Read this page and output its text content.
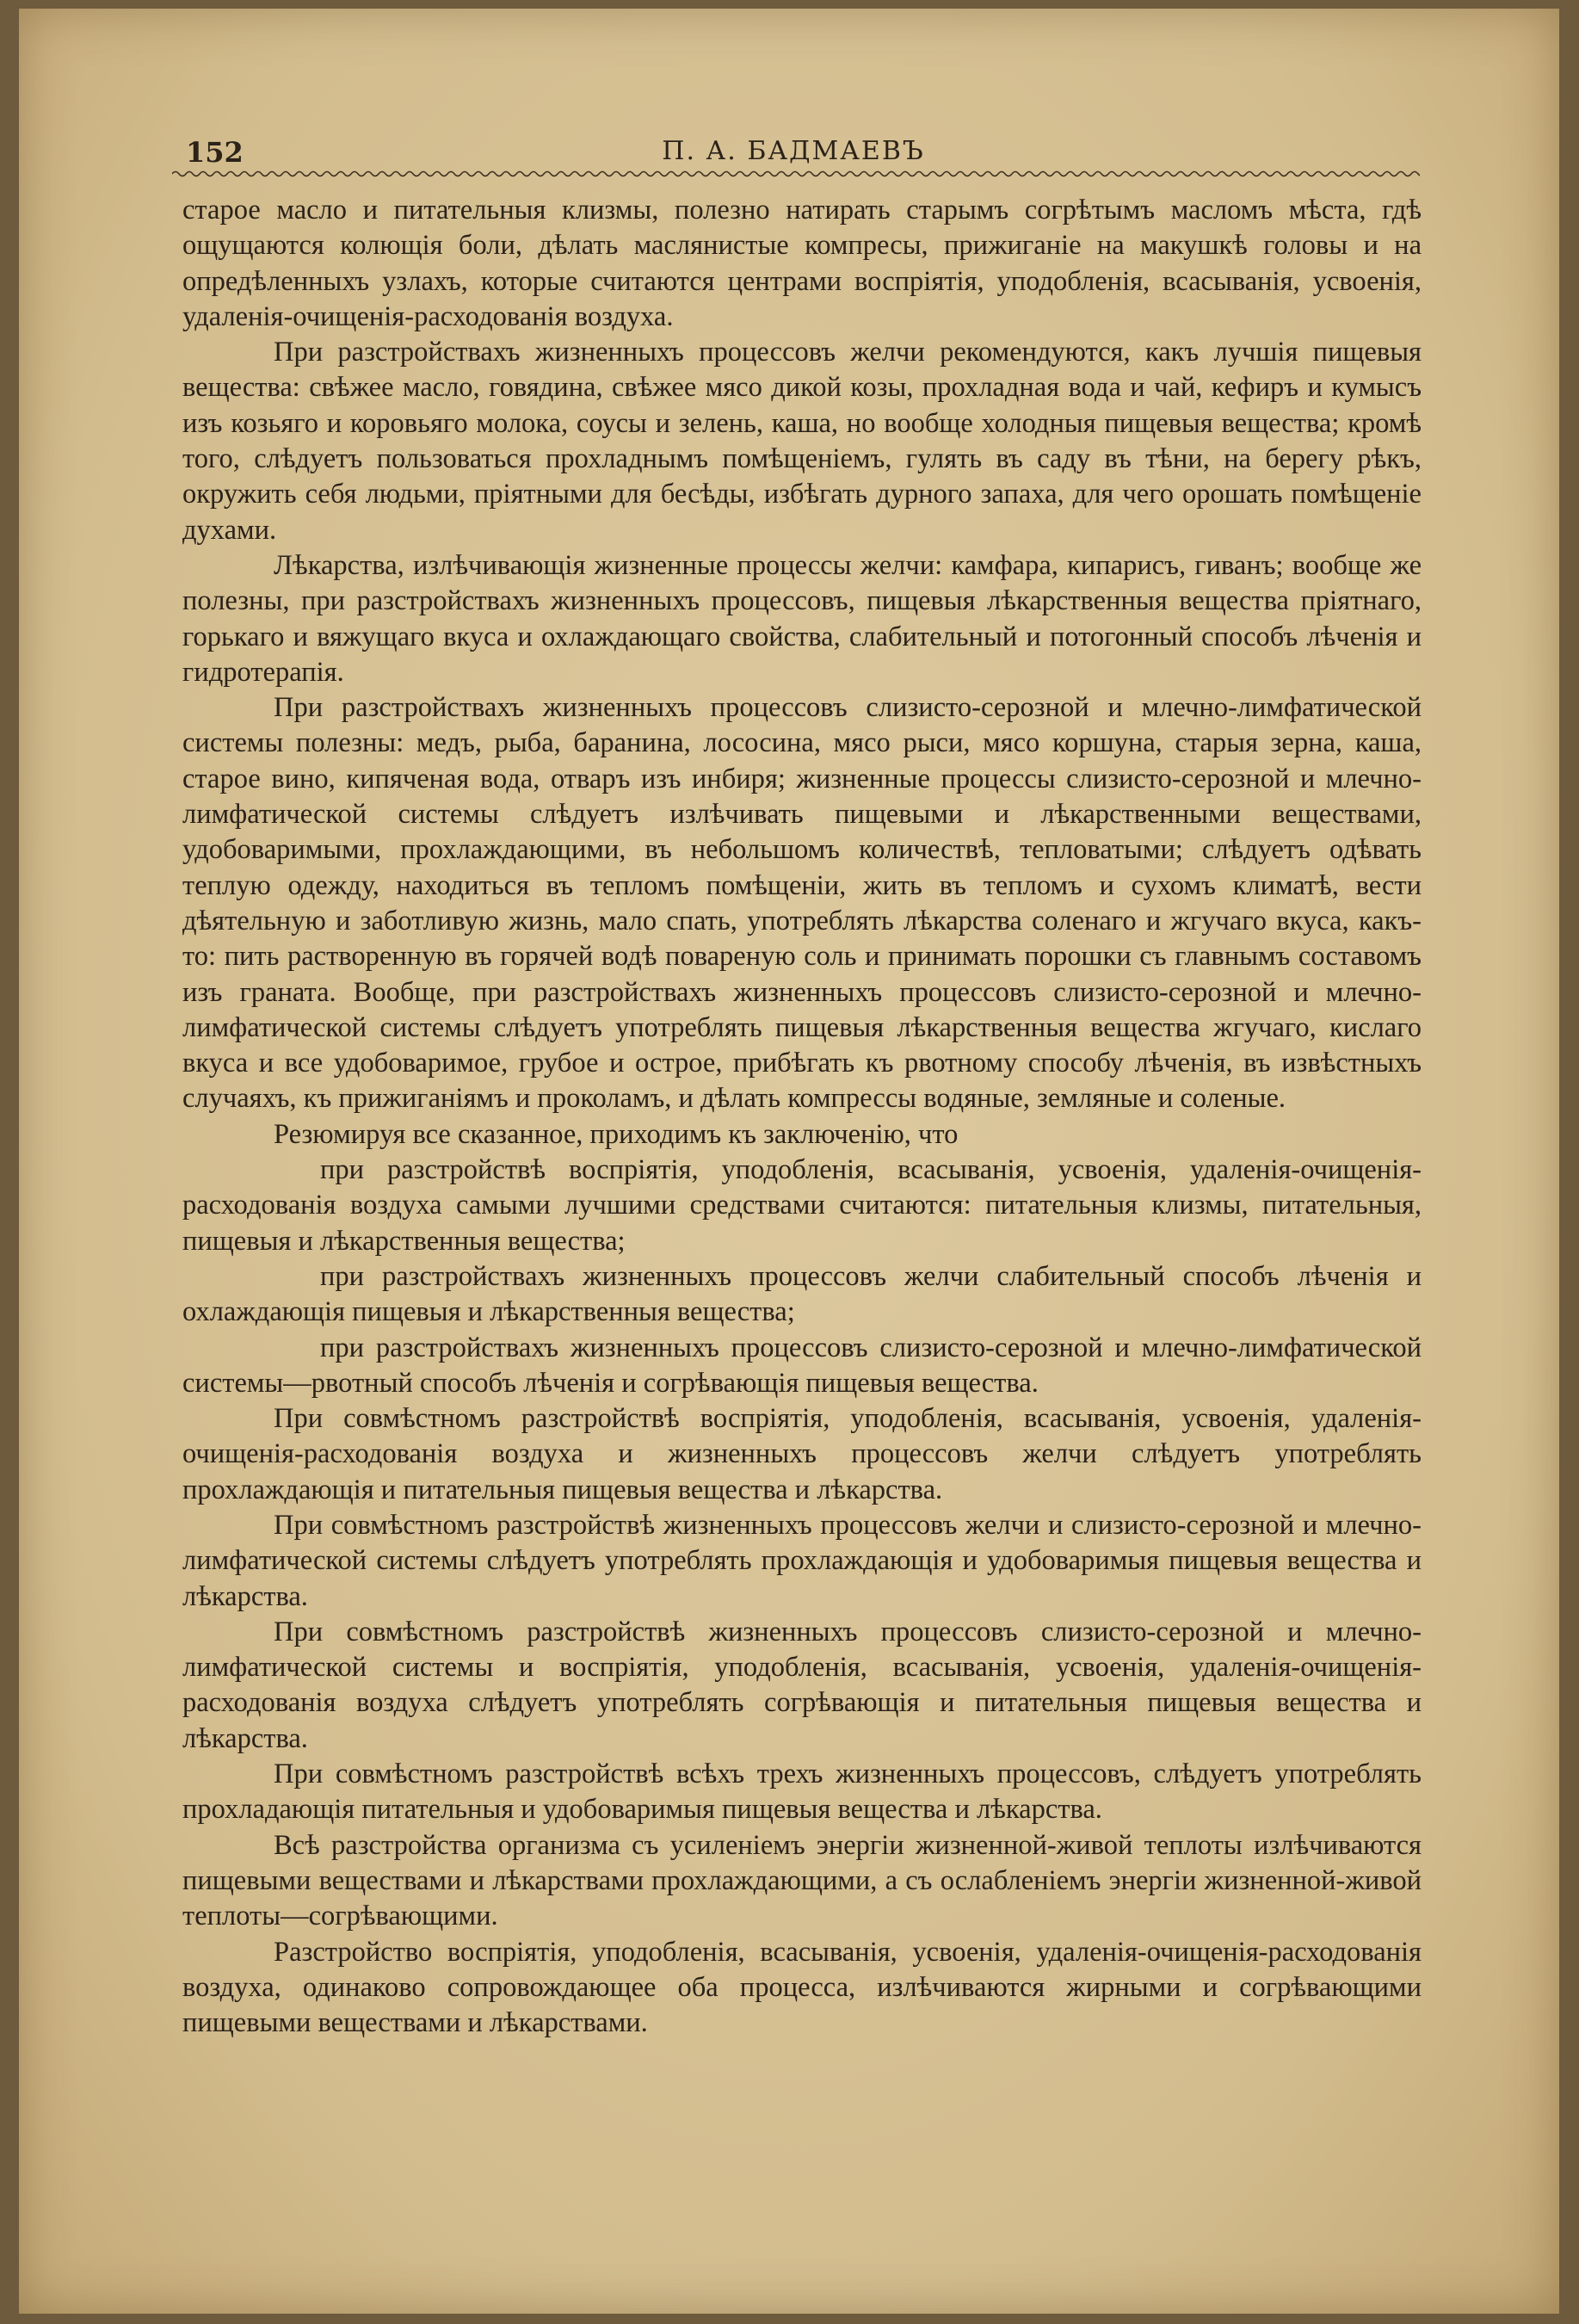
152	П. А. БАДМАЕВЪ

старое масло и питательныя клизмы, полезно натирать старымъ согрѣтымъ масломъ мѣста, гдѣ ощущаются колющія боли, дѣлать маслянистые компресы, прижиганіе на макушкѣ головы и на опредѣленныхъ узлахъ, которые считаются центрами воспріятія, уподобленія, всасыванія, усвоенія, удаленія-очищенія-расходованія воздуха.

При разстройствахъ жизненныхъ процессовъ желчи рекомендуются, какъ лучшія пищевыя вещества: свѣжее масло, говядина, свѣжее мясо дикой козы, прохладная вода и чай, кефиръ и кумысъ изъ козьяго и коровьяго молока, соусы и зелень, каша, но вообще холодныя пищевыя вещества; кромѣ того, слѣдуетъ пользоваться прохладнымъ помѣщеніемъ, гулять въ саду въ тѣни, на берегу рѣкъ, окружить себя людьми, пріятными для бесѣды, избѣгать дурного запаха, для чего орошать помѣщеніе духами.

Лѣкарства, излѣчивающія жизненные процессы желчи: камфара, кипарисъ, гиванъ; вообще же полезны, при разстройствахъ жизненныхъ процессовъ, пищевыя лѣкарственныя вещества пріятнаго, горькаго и вяжущаго вкуса и охлаждающаго свойства, слабительный и потогонный способъ лѣченія и гидротерапія.

При разстройствахъ жизненныхъ процессовъ слизисто-серозной и млечно-лимфатической системы полезны: медъ, рыба, баранина, лососина, мясо рыси, мясо коршуна, старыя зерна, каша, старое вино, кипяченая вода, отваръ изъ инбиря; жизненные процессы слизисто-серозной и млечно-лимфатической системы слѣдуетъ излѣчивать пищевыми и лѣкарственными веществами, удобоваримыми, прохлаждающими, въ небольшомъ количествѣ, тепловатыми; слѣдуетъ одѣвать теплую одежду, находиться въ тепломъ помѣщеніи, жить въ тепломъ и сухомъ климатѣ, вести дѣятельную и заботливую жизнь, мало спать, употреблять лѣкарства соленаго и жгучаго вкуса, какъ-то: пить растворенную въ горячей водѣ повареную соль и принимать порошки съ главнымъ составомъ изъ граната. Вообще, при разстройствахъ жизненныхъ процессовъ слизисто-серозной и млечно-лимфатической системы слѣдуетъ употреблять пищевыя лѣкарственныя вещества жгучаго, кислаго вкуса и все удобоваримое, грубое и острое, прибѣгать къ рвотному способу лѣченія, въ извѣстныхъ случаяхъ, къ прижиганіямъ и проколамъ, и дѣлать компрессы водяные, земляные и соленые.

Резюмируя все сказанное, приходимъ къ заключенію, что

при разстройствѣ воспріятія, уподобленія, всасыванія, усвоенія, удаленія-очищенія-расходованія воздуха самыми лучшими средствами считаются: питательныя клизмы, питательныя, пищевыя и лѣкарственныя вещества;

при разстройствахъ жизненныхъ процессовъ желчи слабительный способъ лѣченія и охлаждающія пищевыя и лѣкарственныя вещества;

при разстройствахъ жизненныхъ процессовъ слизисто-серозной и млечно-лимфатической системы—рвотный способъ лѣченія и согрѣвающія пищевыя вещества.

При совмѣстномъ разстройствѣ воспріятія, уподобленія, всасыванія, усвоенія, удаленія-очищенія-расходованія воздуха и жизненныхъ процессовъ желчи слѣдуетъ употреблять прохлаждающія и питательныя пищевыя вещества и лѣкарства.

При совмѣстномъ разстройствѣ жизненныхъ процессовъ желчи и слизисто-серозной и млечно-лимфатической системы слѣдуетъ употреблять прохлаждающія и удобоваримыя пищевыя вещества и лѣкарства.

При совмѣстномъ разстройствѣ жизненныхъ процессовъ слизисто-серозной и млечно-лимфатической системы и воспріятія, уподобленія, всасыванія, усвоенія, удаленія-очищенія-расходованія воздуха слѣдуетъ употреблять согрѣвающія и питательныя пищевыя вещества и лѣкарства.

При совмѣстномъ разстройствѣ всѣхъ трехъ жизненныхъ процессовъ, слѣдуетъ употреблять прохладающія питательныя и удобоваримыя пищевыя вещества и лѣкарства.

Всѣ разстройства организма съ усиленіемъ энергіи жизненной-живой теплоты излѣчиваются пищевыми веществами и лѣкарствами прохлаждающими, а съ ослабленіемъ энергіи жизненной-живой теплоты—согрѣвающими.

Разстройство воспріятія, уподобленія, всасыванія, усвоенія, удаленія-очищенія-расходованія воздуха, одинаково сопровождающее оба процесса, излѣчиваются жирными и согрѣвающими пищевыми веществами и лѣкарствами.
